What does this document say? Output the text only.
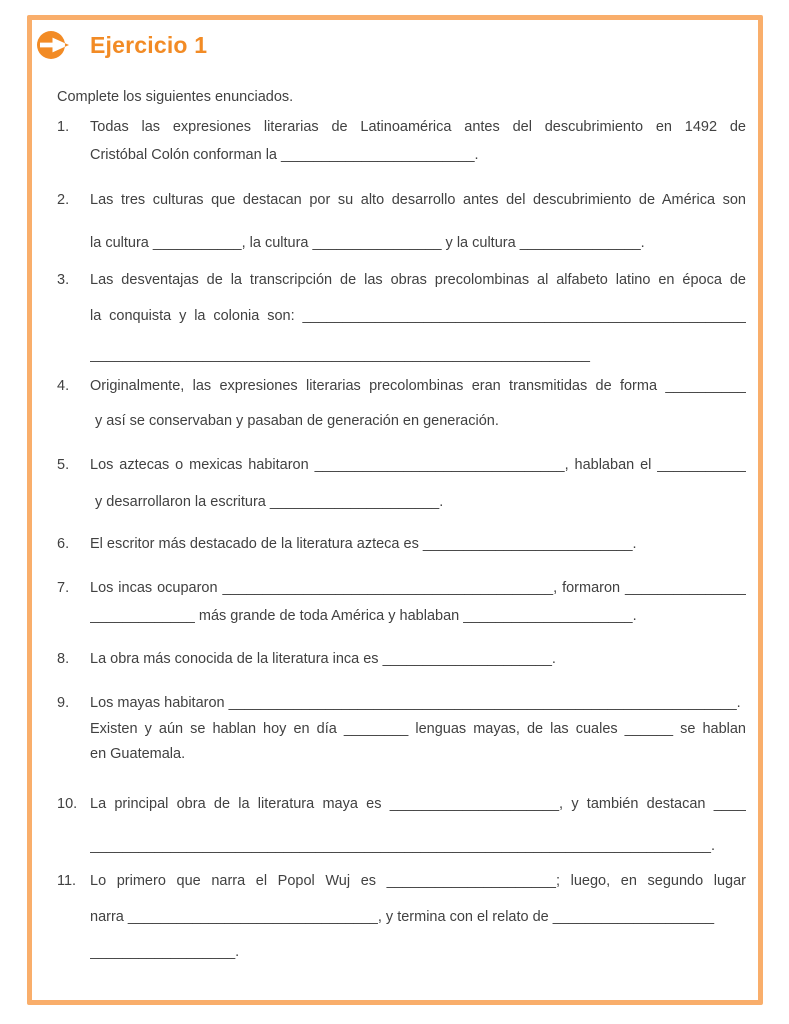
Ejercicio 1
Complete los siguientes enunciados.
1.	Todas las expresiones literarias de Latinoamérica antes del descubrimiento en 1492 de
Cristóbal Colón conforman la ________________________.
2.	Las tres culturas que destacan por su alto desarrollo antes del descubrimiento de América son
la cultura ___________, la cultura ________________ y la cultura _______________.
3.	Las desventajas de la transcripción de las obras precolombinas al alfabeto latino en época de
la conquista y la colonia son: _______________________________________________________
______________________________________________________________
4.	Originalmente, las expresiones literarias precolombinas eran transmitidas de forma __________
y así se conservaban y pasaban de generación en generación.
5.	Los aztecas o mexicas habitaron _______________________________, hablaban el ___________
y desarrollaron la escritura _____________________.
6.	El escritor más destacado de la literatura azteca es __________________________.
7.	Los incas ocuparon _________________________________________, formaron _______________
_____________ más grande de toda América y hablaban _____________________.
8.	La obra más conocida de la literatura inca es _____________________.
9.	Los mayas habitaron _______________________________________________________________.
Existen y aún se hablan hoy en día ________ lenguas mayas, de las cuales ______ se hablan
en Guatemala.
10. La principal obra de la literatura maya es _____________________, y también destacan ____
_____________________________________________________________________________.
11. Lo primero que narra el Popol Wuj es _____________________; luego, en segundo lugar
narra _______________________________, y termina con el relato de ____________________
__________________.
